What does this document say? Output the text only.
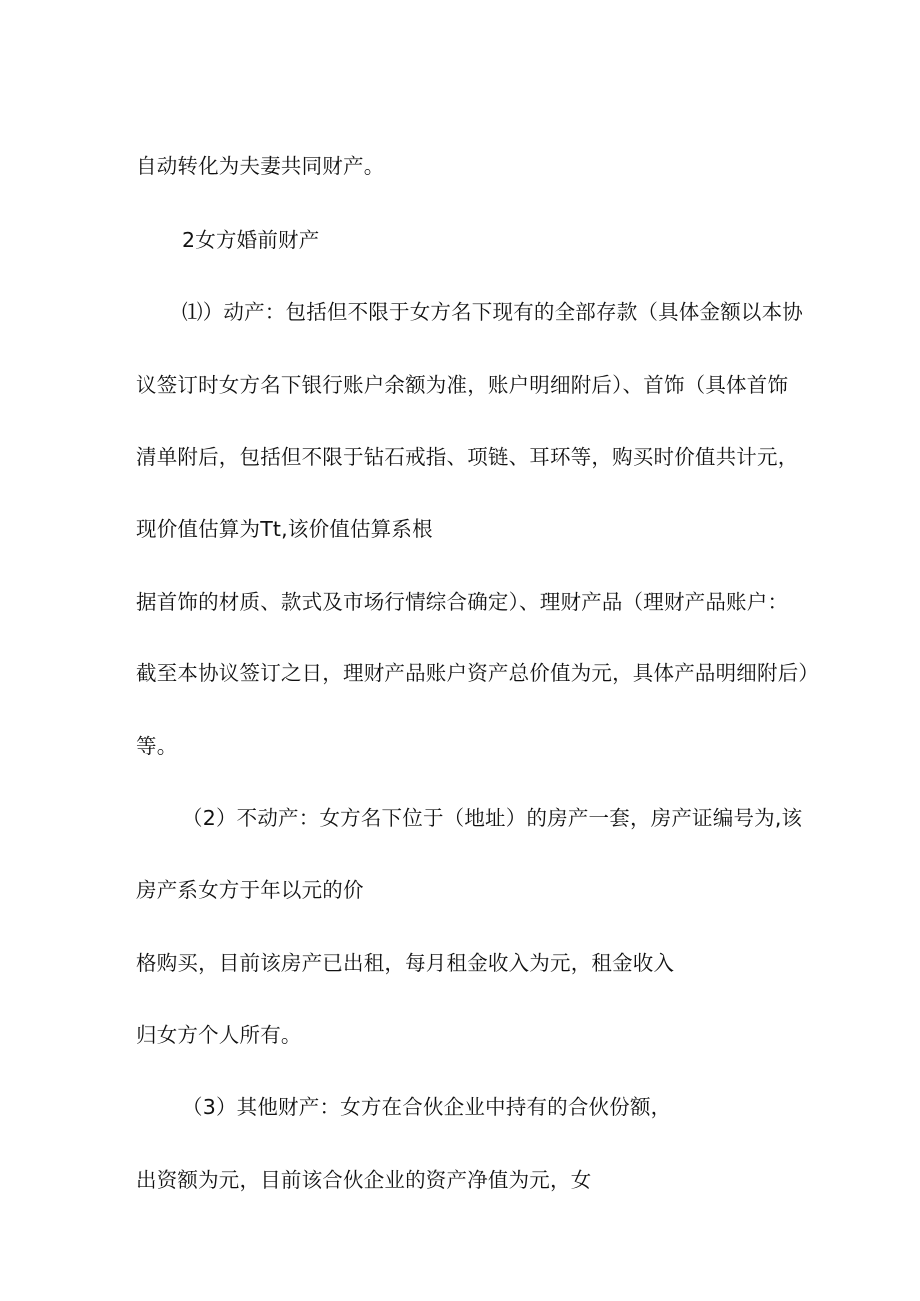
自动转化为夫妻共同财产。
2女方婚前财产
⑴）动产：包括但不限于女方名下现有的全部存款（具体金额以本协
议签订时女方名下银行账户余额为准，账户明细附后）、首饰（具体首饰
清单附后，包括但不限于钻石戒指、项链、耳环等，购买时价值共计元，
现价值估算为Tt,该价值估算系根
据首饰的材质、款式及市场行情综合确定）、理财产品（理财产品账户：
截至本协议签订之日，理财产品账户资产总价值为元，具体产品明细附后）
等。
（2）不动产：女方名下位于（地址）的房产一套，房产证编号为,该
房产系女方于年以元的价
格购买，目前该房产已出租，每月租金收入为元，租金收入
归女方个人所有。
（3）其他财产：女方在合伙企业中持有的合伙份额，
出资额为元，目前该合伙企业的资产净值为元，女
